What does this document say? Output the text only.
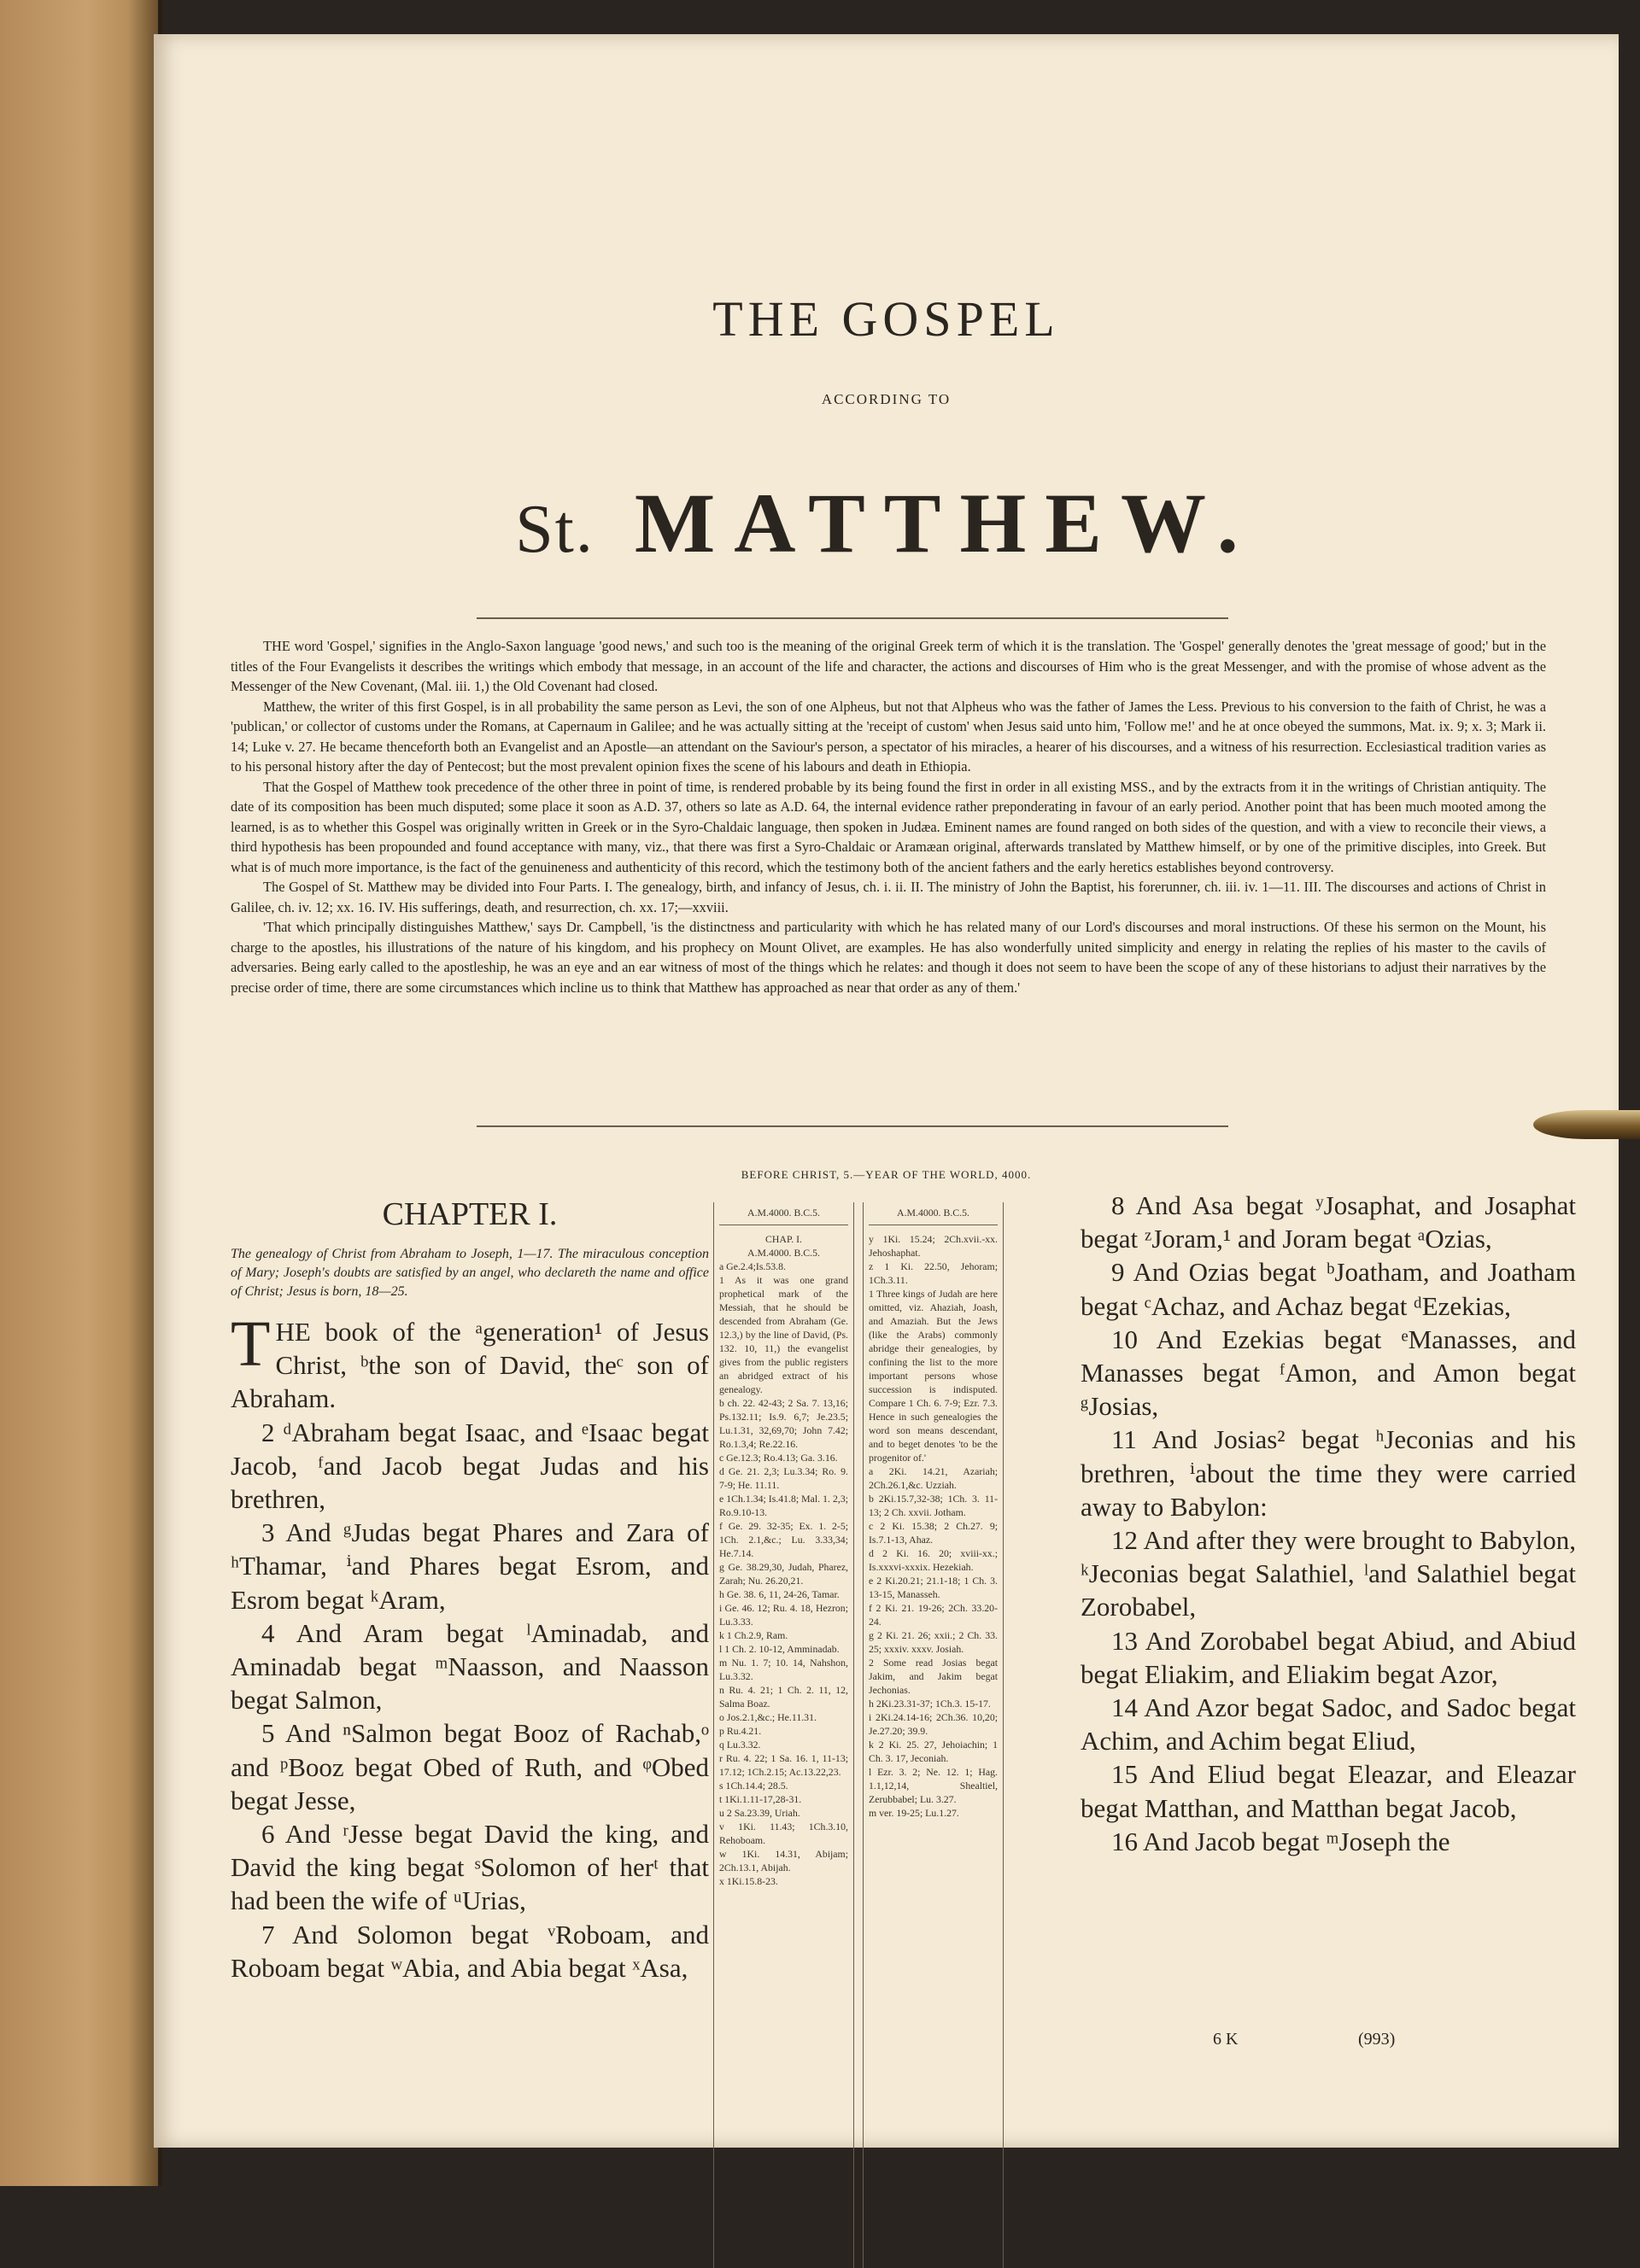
THE GOSPEL
ACCORDING TO
St. MATTHEW.

THE word 'Gospel,' signifies in the Anglo-Saxon language 'good news,' and such too is the meaning of the original Greek term of which it is the translation. The 'Gospel' generally denotes the 'great message of good;' but in the titles of the Four Evangelists it describes the writings which embody that message, in an account of the life and character, the actions and discourses of Him who is the great Messenger, and with the promise of whose advent as the Messenger of the New Covenant, (Mal. iii. 1,) the Old Covenant had closed.

Matthew, the writer of this first Gospel, is in all probability the same person as Levi, the son of one Alpheus, but not that Alpheus who was the father of James the Less. Previous to his conversion to the faith of Christ, he was a 'publican,' or collector of customs under the Romans, at Capernaum in Galilee; and he was actually sitting at the 'receipt of custom' when Jesus said unto him, 'Follow me!' and he at once obeyed the summons, Mat. ix. 9; x. 3; Mark ii. 14; Luke v. 27. He became thenceforth both an Evangelist and an Apostle—an attendant on the Saviour's person, a spectator of his miracles, a hearer of his discourses, and a witness of his resurrection. Ecclesiastical tradition varies as to his personal history after the day of Pentecost; but the most prevalent opinion fixes the scene of his labours and death in Ethiopia.

That the Gospel of Matthew took precedence of the other three in point of time, is rendered probable by its being found the first in order in all existing MSS., and by the extracts from it in the writings of Christian antiquity. The date of its composition has been much disputed; some place it soon as A.D. 37, others so late as A.D. 64, the internal evidence rather preponderating in favour of an early period. Another point that has been much mooted among the learned, is as to whether this Gospel was originally written in Greek or in the Syro-Chaldaic language, then spoken in Judæa. Eminent names are found ranged on both sides of the question, and with a view to reconcile their views, a third hypothesis has been propounded and found acceptance with many, viz., that there was first a Syro-Chaldaic or Aramæan original, afterwards translated by Matthew himself, or by one of the primitive disciples, into Greek. But what is of much more importance, is the fact of the genuineness and authenticity of this record, which the testimony both of the ancient fathers and the early heretics establishes beyond controversy.

The Gospel of St. Matthew may be divided into Four Parts. I. The genealogy, birth, and infancy of Jesus, ch. i. ii. II. The ministry of John the Baptist, his forerunner, ch. iii. iv. 1—11. III. The discourses and actions of Christ in Galilee, ch. iv. 12; xx. 16. IV. His sufferings, death, and resurrection, ch. xx. 17;—xxviii.

'That which principally distinguishes Matthew,' says Dr. Campbell, 'is the distinctness and particularity with which he has related many of our Lord's discourses and moral instructions. Of these his sermon on the Mount, his charge to the apostles, his illustrations of the nature of his kingdom, and his prophecy on Mount Olivet, are examples. He has also wonderfully united simplicity and energy in relating the replies of his master to the cavils of adversaries. Being early called to the apostleship, he was an eye and an ear witness of most of the things which he relates: and though it does not seem to have been the scope of any of these historians to adjust their narratives by the precise order of time, there are some circumstances which incline us to think that Matthew has approached as near that order as any of them.'

BEFORE CHRIST, 5.—YEAR OF THE WORLD, 4000.
CHAPTER I.
The genealogy of Christ from Abraham to Joseph, 1—17. The miraculous conception of Mary; Joseph's doubts are satisfied by an angel, who declareth the name and office of Christ; Jesus is born, 18—25.

THE book of the ᵃgeneration¹ of Jesus Christ, ᵇthe son of David, theᶜ son of Abraham.

2 ᵈAbraham begat Isaac, and ᵉIsaac begat Jacob, ᶠand Jacob begat Judas and his brethren,

3 And ᵍJudas begat Phares and Zara of ʰThamar, ⁱand Phares begat Esrom, and Esrom begat ᵏAram,

4 And Aram begat ˡAminadab, and Aminadab begat ᵐNaasson, and Naasson begat Salmon,

5 And ⁿSalmon begat Booz of Rachab,ᵒ and ᵖBooz begat Obed of Ruth, and ᵠObed begat Jesse,

6 And ʳJesse begat David the king, and David the king begat ˢSolomon of herᵗ that had been the wife of ᵘUrias,

7 And Solomon begat ᵛRoboam, and Roboam begat ʷAbia, and Abia begat ˣAsa,

A.M.4000. B.C.5.

CHAP. I.

A.M.4000. B.C.5.

a Ge.2.4;Is.53.8.

1 As it was one grand prophetical mark of the Messiah, that he should be descended from Abraham (Ge. 12.3,) by the line of David, (Ps. 132. 10, 11,) the evangelist gives from the public registers an abridged extract of his genealogy.

b ch. 22. 42-43; 2 Sa. 7. 13,16; Ps.132.11; Is.9. 6,7; Je.23.5; Lu.1.31, 32,69,70; John 7.42; Ro.1.3,4; Re.22.16.

c Ge.12.3; Ro.4.13; Ga. 3.16.

d Ge. 21. 2,3; Lu.3.34; Ro. 9. 7-9; He. 11.11.

e 1Ch.1.34; Is.41.8; Mal. 1. 2,3; Ro.9.10-13.

f Ge. 29. 32-35; Ex. 1. 2-5; 1Ch. 2.1,&c.; Lu. 3.33,34; He.7.14.

g Ge. 38.29,30, Judah, Pharez, Zarah; Nu. 26.20,21.

h Ge. 38. 6, 11, 24-26, Tamar.

i Ge. 46. 12; Ru. 4. 18, Hezron; Lu.3.33.

k 1 Ch.2.9, Ram.

l 1 Ch. 2. 10-12, Amminadab.

m Nu. 1. 7; 10. 14, Nahshon, Lu.3.32.

n Ru. 4. 21; 1 Ch. 2. 11, 12, Salma Boaz.

o Jos.2.1,&c.; He.11.31.

p Ru.4.21.

q Lu.3.32.

r Ru. 4. 22; 1 Sa. 16. 1, 11-13; 17.12; 1Ch.2.15; Ac.13.22,23.

s 1Ch.14.4; 28.5.

t 1Ki.1.11-17,28-31.

u 2 Sa.23.39, Uriah.

v 1Ki. 11.43; 1Ch.3.10, Rehoboam.

w 1Ki. 14.31, Abijam; 2Ch.13.1, Abijah.

x 1Ki.15.8-23.

A.M.4000. B.C.5.

y 1Ki. 15.24; 2Ch.xvii.-xx. Jehoshaphat.

z 1 Ki. 22.50, Jehoram; 1Ch.3.11.

1 Three kings of Judah are here omitted, viz. Ahaziah, Joash, and Amaziah. But the Jews (like the Arabs) commonly abridge their genealogies, by confining the list to the more important persons whose succession is indisputed. Compare 1 Ch. 6. 7-9; Ezr. 7.3. Hence in such genealogies the word son means descendant, and to beget denotes 'to be the progenitor of.'

a 2Ki. 14.21, Azariah; 2Ch.26.1,&c. Uzziah.

b 2Ki.15.7,32-38; 1Ch. 3. 11-13; 2 Ch. xxvii. Jotham.

c 2 Ki. 15.38; 2 Ch.27. 9; Is.7.1-13, Ahaz.

d 2 Ki. 16. 20; xviii-xx.; Is.xxxvi-xxxix. Hezekiah.

e 2 Ki.20.21; 21.1-18; 1 Ch. 3. 13-15, Manasseh.

f 2 Ki. 21. 19-26; 2Ch. 33.20-24.

g 2 Ki. 21. 26; xxii.; 2 Ch. 33. 25; xxxiv. xxxv. Josiah.

2 Some read Josias begat Jakim, and Jakim begat Jechonias.

h 2Ki.23.31-37; 1Ch.3. 15-17.

i 2Ki.24.14-16; 2Ch.36. 10,20; Je.27.20; 39.9.

k 2 Ki. 25. 27, Jehoiachin; 1 Ch. 3. 17, Jeconiah.

l Ezr. 3. 2; Ne. 12. 1; Hag. 1.1,12,14, Shealtiel, Zerubbabel; Lu. 3.27.

m ver. 19-25; Lu.1.27.

8 And Asa begat ʸJosaphat, and Josaphat begat ᶻJoram,¹ and Joram begat ᵃOzias,

9 And Ozias begat ᵇJoatham, and Joatham begat ᶜAchaz, and Achaz begat ᵈEzekias,

10 And Ezekias begat ᵉManasses, and Manasses begat ᶠAmon, and Amon begat ᵍJosias,

11 And Josias² begat ʰJeconias and his brethren, ⁱabout the time they were carried away to Babylon:

12 And after they were brought to Babylon, ᵏJeconias begat Salathiel, ˡand Salathiel begat Zorobabel,

13 And Zorobabel begat Abiud, and Abiud begat Eliakim, and Eliakim begat Azor,

14 And Azor begat Sadoc, and Sadoc begat Achim, and Achim begat Eliud,

15 And Eliud begat Eleazar, and Eleazar begat Matthan, and Matthan begat Jacob,

16 And Jacob begat ᵐJoseph the

6 K	(993)
